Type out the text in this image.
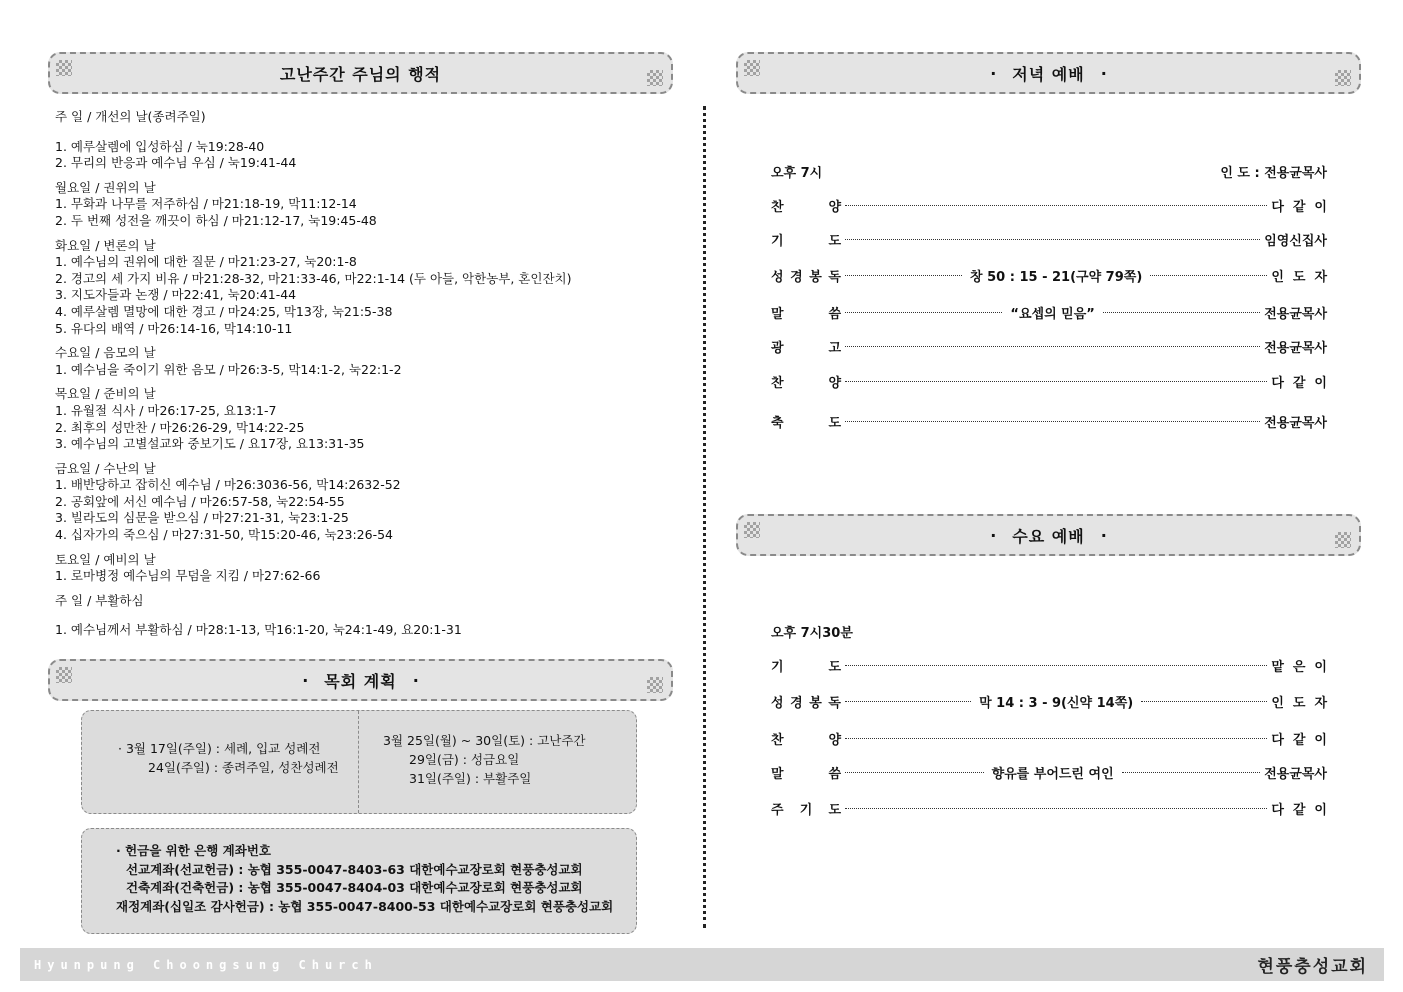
고난주간 주님의 행적
주 일 / 개선의 날(종려주일)
1. 예루살렘에 입성하심 / 눅19:28-40
2. 무리의 반응과 예수님 우심 / 눅19:41-44
월요일 / 권위의 날
1. 무화과 나무를 저주하심 / 마21:18-19, 막11:12-14
2. 두 번째 성전을 깨끗이 하심 / 마21:12-17, 눅19:45-48
화요일 / 변론의 날
1. 예수님의 권위에 대한 질문 / 마21:23-27, 눅20:1-8
2. 경고의 세 가지 비유 / 마21:28-32, 마21:33-46, 마22:1-14 (두 아들, 악한농부, 혼인잔치)
3. 지도자들과 논쟁 / 마22:41, 눅20:41-44
4. 예루살렘 멸망에 대한 경고 / 마24:25, 막13장, 눅21:5-38
5. 유다의 배역 / 마26:14-16, 막14:10-11
수요일 / 음모의 날
1. 예수님을 죽이기 위한 음모 / 마26:3-5, 막14:1-2, 눅22:1-2
목요일 / 준비의 날
1. 유월절 식사 / 마26:17-25, 요13:1-7
2. 최후의 성만찬 / 마26:26-29, 막14:22-25
3. 예수님의 고별설교와 중보기도 / 요17장, 요13:31-35
금요일 / 수난의 날
1. 배반당하고 잡히신 예수님 / 마26:3036-56, 막14:2632-52
2. 공회앞에 서신 예수님 / 마26:57-58, 눅22:54-55
3. 빌라도의 심문을 받으심 / 마27:21-31, 눅23:1-25
4. 십자가의 죽으심 / 마27:31-50, 막15:20-46, 눅23:26-54
토요일 / 예비의 날
1. 로마병정 예수님의 무덤을 지킴 / 마27:62-66
주 일 / 부활하심
1. 예수님께서 부활하심 / 마28:1-13, 막16:1-20, 눅24:1-49, 요20:1-31
· 목회 계획 ·
· 3월 17일(주일) : 세례, 입교 성례전
24일(주일) : 종려주일, 성찬성례전
3월 25일(월) ~ 30일(토) : 고난주간
29일(금) : 성금요일
31일(주일) : 부활주일
· 헌금을 위한 은행 계좌번호
선교계좌(선교헌금) : 농협 355-0047-8403-63 대한예수교장로회 현풍충성교회
건축계좌(건축헌금) : 농협 355-0047-8404-03 대한예수교장로회 현풍충성교회
재정계좌(십일조 감사헌금) : 농협 355-0047-8400-53 대한예수교장로회 현풍충성교회
· 저녁 예배 ·
오후 7시	인 도 : 전용균목사
찬	양	다같이
기	도	임영신집사
성 경 봉 독	창 50 : 15 - 21(구약 79쪽)	인도자
말	씀	“요셉의 믿음”	전용균목사
광	고	전용균목사
찬	양	다같이
축	도	전용균목사
· 수요 예배 ·
오후 7시30분
기	도	맡은이
성 경 봉 독	막 14 : 3 - 9(신약 14쪽)	인도자
찬	양	다같이
말	씀	향유를 부어드린 여인	전용균목사
주 기 도	다같이
Hyunpung Choongsung Church	현풍충성교회
